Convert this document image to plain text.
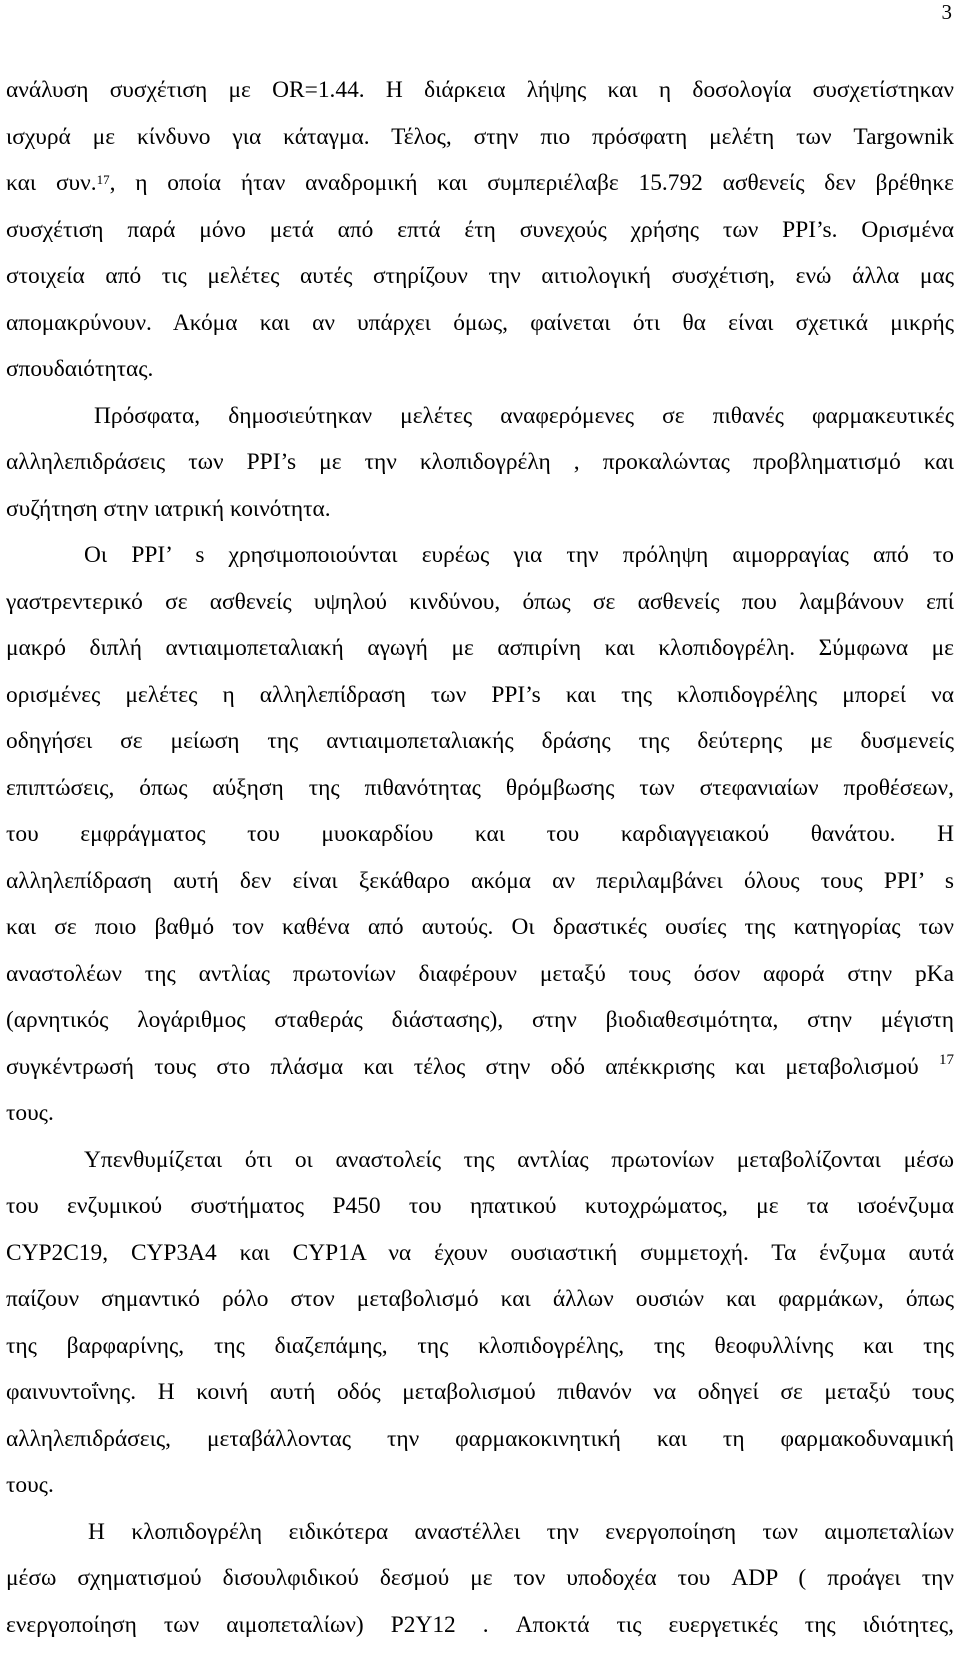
3
ανάλυση συσχέτιση με OR=1.44. Η διάρκεια λήψης και η δοσολογία συσχετίστηκαν
ισχυρά με κίνδυνο για κάταγμα. Τέλος, στην πιο πρόσφατη μελέτη των Targownik
και συν.$^{17}$, η οποία ήταν αναδρομική και συμπεριέλαβε 15.792 ασθενείς δεν βρέθηκε
συσχέτιση παρά μόνο μετά από επτά έτη συνεχούς χρήσης των PPI’s. Ορισμένα
στοιχεία από τις μελέτες αυτές στηρίζουν την αιτιολογική συσχέτιση, ενώ άλλα μας
απομακρύνουν. Ακόμα και αν υπάρχει όμως, φαίνεται ότι θα είναι σχετικά μικρής
σπουδαιότητας.
Πρόσφατα, δημοσιεύτηκαν μελέτες αναφερόμενες σε πιθανές φαρμακευτικές
αλληλεπιδράσεις των PPI’s με την κλοπιδογρέλη , προκαλώντας προβληματισμό και
συζήτηση στην ιατρική κοινότητα.
Οι PPI’ s χρησιμοποιούνται ευρέως για την πρόληψη αιμορραγίας από το
γαστρεντερικό σε ασθενείς υψηλού κινδύνου, όπως σε ασθενείς που λαμβάνουν επί
μακρό διπλή αντιαιμοπεταλιακή αγωγή με ασπιρίνη και κλοπιδογρέλη. Σύμφωνα με
ορισμένες μελέτες η αλληλεπίδραση των PPI’s και της κλοπιδογρέλης μπορεί να
οδηγήσει σε μείωση της αντιαιμοπεταλιακής δράσης της δεύτερης με δυσμενείς
επιπτώσεις, όπως αύξηση της πιθανότητας θρόμβωσης των στεφανιαίων προθέσεων,
του εμφράγματος του μυοκαρδίου και του καρδιαγγειακού θανάτου. Η
αλληλεπίδραση αυτή δεν είναι ξεκάθαρο ακόμα αν περιλαμβάνει όλους τους PPI’ s
και σε ποιο βαθμό τον καθένα από αυτούς. Οι δραστικές ουσίες της κατηγορίας των
αναστολέων της αντλίας πρωτονίων διαφέρουν μεταξύ τους όσον αφορά στην pKa
(αρνητικός λογάριθμος σταθεράς διάστασης), στην βιοδιαθεσιμότητα, στην μέγιστη
συγκέντρωσή τους στο πλάσμα και τέλος στην οδό απέκκρισης και μεταβολισμού $^{17}$
τους.
Υπενθυμίζεται ότι οι αναστολείς της αντλίας πρωτονίων μεταβολίζονται μέσω
του ενζυμικού συστήματος P450 του ηπατικού κυτοχρώματος, με τα ισοένζυμα
CYP2C19, CYP3A4 και CYP1A να έχουν ουσιαστική συμμετοχή. Τα ένζυμα αυτά
παίζουν σημαντικό ρόλο στον μεταβολισμό και άλλων ουσιών και φαρμάκων, όπως
της βαρφαρίνης, της διαζεπάμης, της κλοπιδογρέλης, της θεοφυλλίνης και της
φαινυντοΐνης. Η κοινή αυτή οδός μεταβολισμού πιθανόν να οδηγεί σε μεταξύ τους
αλληλεπιδράσεις, μεταβάλλοντας την φαρμακοκινητική και τη φαρμακοδυναμική
τους.
Η κλοπιδογρέλη ειδικότερα αναστέλλει την ενεργοποίηση των αιμοπεταλίων
μέσω σχηματισμού δισουλφιδικού δεσμού με τον υποδοχέα του ADP ( προάγει την
ενεργοποίηση των αιμοπεταλίων) P2Y12 . Αποκτά τις ευεργετικές της ιδιότητες,
